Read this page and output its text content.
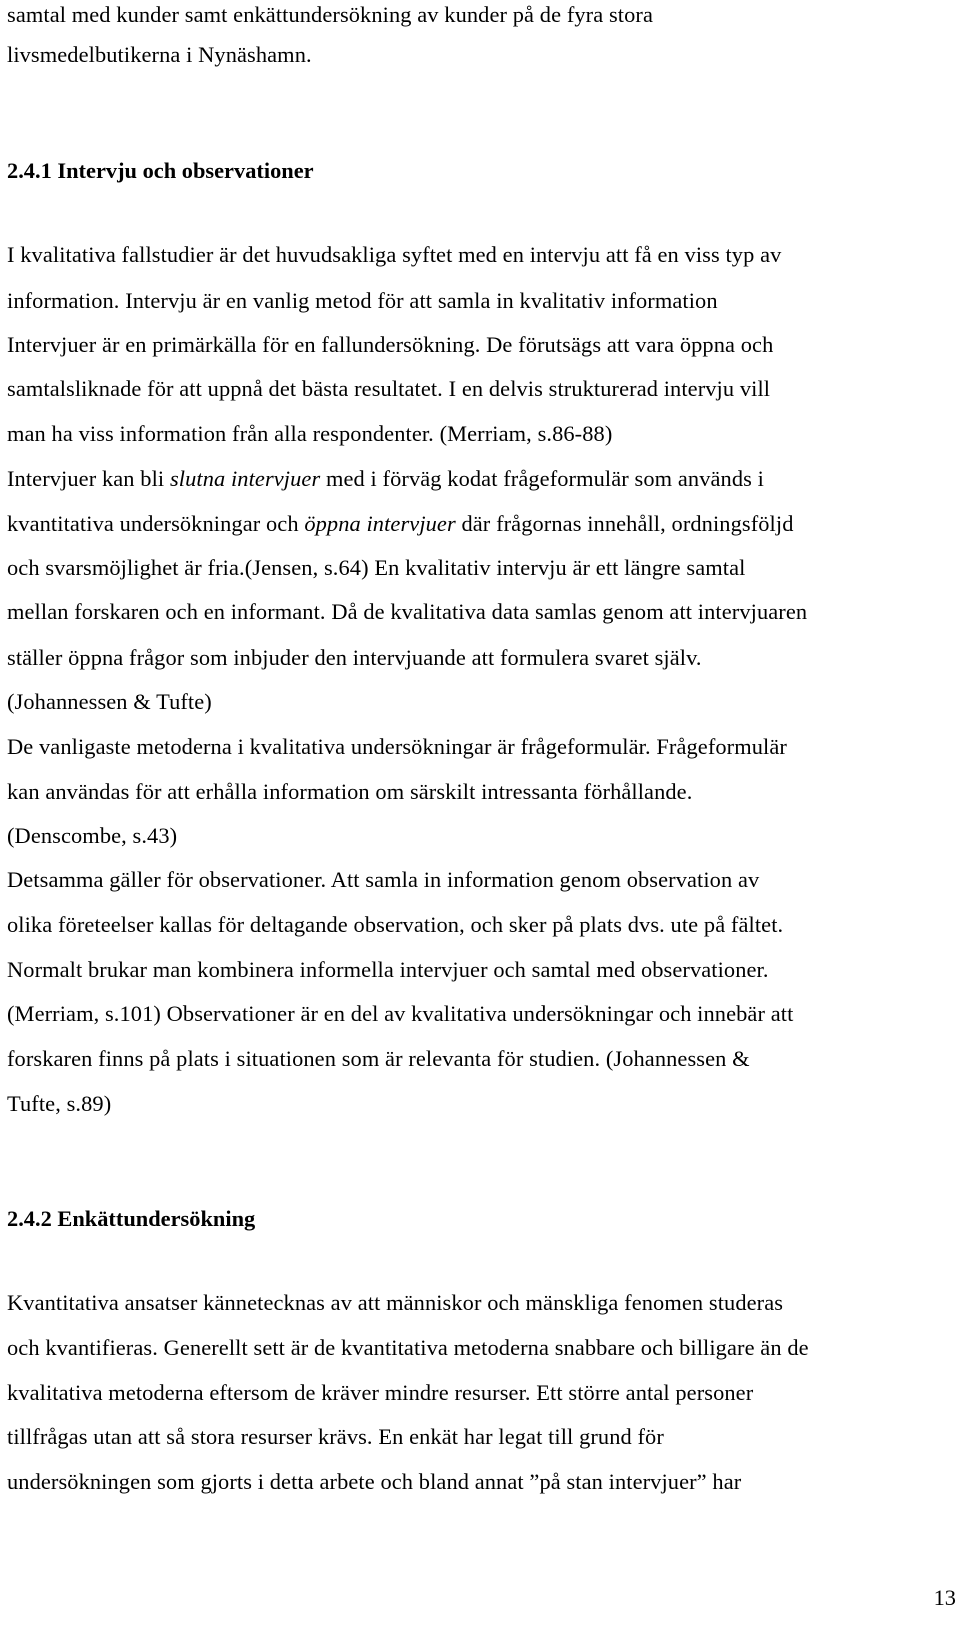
samtal med kunder samt enkättundersökning av kunder på de fyra stora
livsmedelbutikerna i Nynäshamn.
2.4.1 Intervju och observationer
I kvalitativa fallstudier är det huvudsakliga syftet med en intervju att få en viss typ av
information. Intervju är en vanlig metod för att samla in kvalitativ information
Intervjuer är en primärkälla för en fallundersökning. De förutsägs att vara öppna och
samtalsliknade för att uppnå det bästa resultatet. I en delvis strukturerad intervju vill
man ha viss information från alla respondenter. (Merriam, s.86-88)
Intervjuer kan bli slutna intervjuer med i förväg kodat frågeformulär som används i
kvantitativa undersökningar och öppna intervjuer där frågornas innehåll, ordningsföljd
och svarsmöjlighet är fria.(Jensen, s.64) En kvalitativ intervju är ett längre samtal
mellan forskaren och en informant. Då de kvalitativa data samlas genom att intervjuaren
ställer öppna frågor som inbjuder den intervjuande att formulera svaret själv.
(Johannessen & Tufte)
De vanligaste metoderna i kvalitativa undersökningar är frågeformulär. Frågeformulär
kan användas för att erhålla information om särskilt intressanta förhållande.
(Denscombe, s.43)
Detsamma gäller för observationer. Att samla in information genom observation av
olika företeelser kallas för deltagande observation, och sker på plats dvs. ute på fältet.
Normalt brukar man kombinera informella intervjuer och samtal med observationer.
(Merriam, s.101) Observationer är en del av kvalitativa undersökningar och innebär att
forskaren finns på plats i situationen som är relevanta för studien. (Johannessen &
Tufte, s.89)
2.4.2 Enkättundersökning
Kvantitativa ansatser kännetecknas av att människor och mänskliga fenomen studeras
och kvantifieras. Generellt sett är de kvantitativa metoderna snabbare och billigare än de
kvalitativa metoderna eftersom de kräver mindre resurser. Ett större antal personer
tillfrågas utan att så stora resurser krävs. En enkät har legat till grund för
undersökningen som gjorts i detta arbete och bland annat ”på stan intervjuer” har
13
